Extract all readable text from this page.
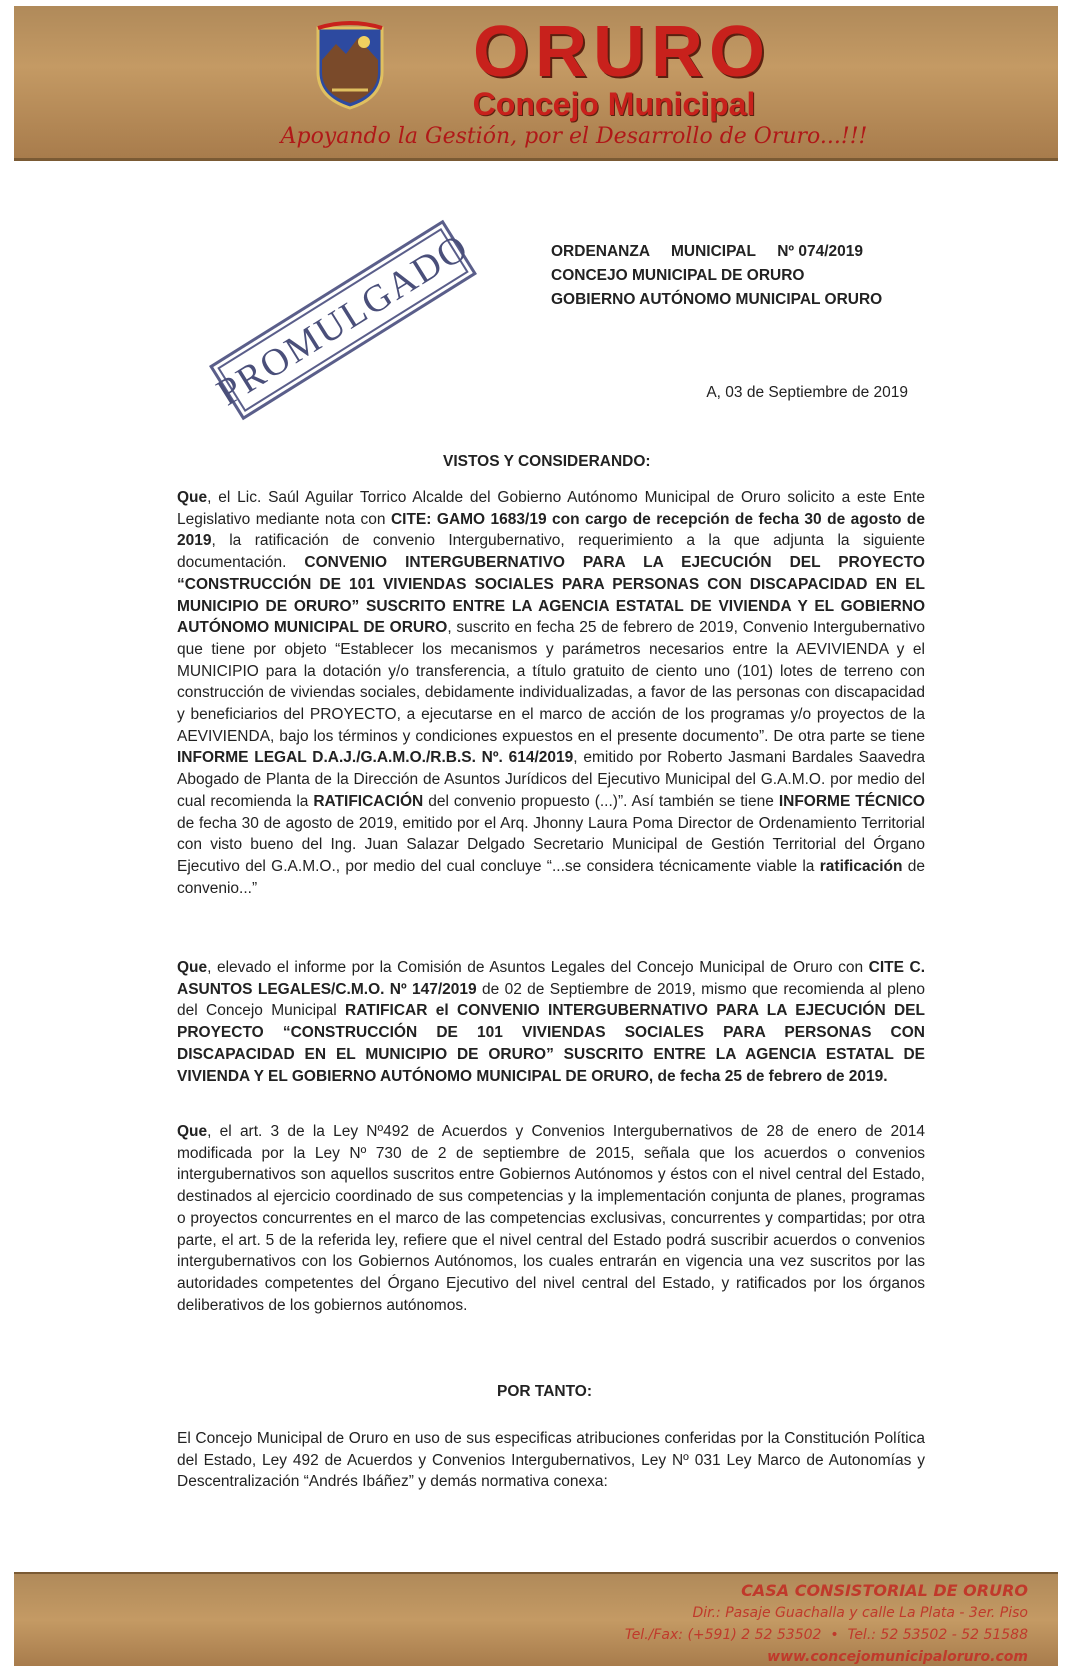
ORURO
Concejo Municipal
Apoyando la Gestión, por el Desarrollo de Oruro...!!!
PROMULGADO	ORDENANZA     MUNICIPAL     Nº 074/2019
CONCEJO MUNICIPAL DE ORURO
GOBIERNO AUTÓNOMO MUNICIPAL ORURO
A, 03 de Septiembre de 2019
VISTOS Y CONSIDERANDO:
Que, el Lic. Saúl Aguilar Torrico Alcalde del Gobierno Autónomo Municipal de Oruro solicito a este Ente Legislativo mediante nota con CITE: GAMO 1683/19 con cargo de recepción de fecha 30 de agosto de 2019, la ratificación de convenio Intergubernativo, requerimiento a la que adjunta la siguiente documentación. CONVENIO INTERGUBERNATIVO PARA LA EJECUCIÓN DEL PROYECTO “CONSTRUCCIÓN DE 101 VIVIENDAS SOCIALES PARA PERSONAS CON DISCAPACIDAD EN EL MUNICIPIO DE ORURO” SUSCRITO ENTRE LA AGENCIA ESTATAL DE VIVIENDA Y EL GOBIERNO AUTÓNOMO MUNICIPAL DE ORURO, suscrito en fecha 25 de febrero de 2019, Convenio Intergubernativo que tiene por objeto “Establecer los mecanismos y parámetros necesarios entre la AEVIVIENDA y el MUNICIPIO para la dotación y/o transferencia, a título gratuito de ciento uno (101) lotes de terreno con construcción de viviendas sociales, debidamente individualizadas, a favor de las personas con discapacidad y beneficiarios del PROYECTO, a ejecutarse en el marco de acción de los programas y/o proyectos de la AEVIVIENDA, bajo los términos y condiciones expuestos en el presente documento”. De otra parte se tiene INFORME LEGAL D.A.J./G.A.M.O./R.B.S. Nº. 614/2019, emitido por Roberto Jasmani Bardales Saavedra Abogado de Planta de la Dirección de Asuntos Jurídicos del Ejecutivo Municipal del G.A.M.O. por medio del cual recomienda la RATIFICACIÓN del convenio propuesto (...)”. Así también se tiene INFORME TÉCNICO de fecha 30 de agosto de 2019, emitido por el Arq. Jhonny Laura Poma Director de Ordenamiento Territorial con visto bueno del Ing. Juan Salazar Delgado Secretario Municipal de Gestión Territorial del Órgano Ejecutivo del G.A.M.O., por medio del cual concluye “...se considera técnicamente viable la ratificación de convenio...”
Que, elevado el informe por la Comisión de Asuntos Legales del Concejo Municipal de Oruro con CITE C. ASUNTOS LEGALES/C.M.O. Nº 147/2019 de 02 de Septiembre de 2019, mismo que recomienda al pleno del Concejo Municipal RATIFICAR el CONVENIO INTERGUBERNATIVO PARA LA EJECUCIÓN DEL PROYECTO “CONSTRUCCIÓN DE 101 VIVIENDAS SOCIALES PARA PERSONAS CON DISCAPACIDAD EN EL MUNICIPIO DE ORURO” SUSCRITO ENTRE LA AGENCIA ESTATAL DE VIVIENDA Y EL GOBIERNO AUTÓNOMO MUNICIPAL DE ORURO, de fecha 25 de febrero de 2019.
Que, el art. 3 de la Ley Nº492 de Acuerdos y Convenios Intergubernativos de 28 de enero de 2014 modificada por la Ley Nº 730 de 2 de septiembre de 2015, señala que los acuerdos o convenios intergubernativos son aquellos suscritos entre Gobiernos Autónomos y éstos con el nivel central del Estado, destinados al ejercicio coordinado de sus competencias y la implementación conjunta de planes, programas o proyectos concurrentes en el marco de las competencias exclusivas, concurrentes y compartidas; por otra parte, el art. 5 de la referida ley, refiere que el nivel central del Estado podrá suscribir acuerdos o convenios intergubernativos con los Gobiernos Autónomos, los cuales entrarán en vigencia una vez suscritos por las autoridades competentes del Órgano Ejecutivo del nivel central del Estado, y ratificados por los órganos deliberativos de los gobiernos autónomos.
POR TANTO:
El Concejo Municipal de Oruro en uso de sus especificas atribuciones conferidas por la Constitución Política del Estado, Ley 492 de Acuerdos y Convenios Intergubernativos, Ley Nº 031 Ley Marco de Autonomías y Descentralización “Andrés Ibáñez” y demás normativa conexa:
CASA CONSISTORIAL DE ORURO
Dir.: Pasaje Guachalla y calle La Plata - 3er. Piso
Tel./Fax: (+591) 2 52 53502  •  Tel.: 52 53502 - 52 51588
www.concejomunicipaloruro.com
